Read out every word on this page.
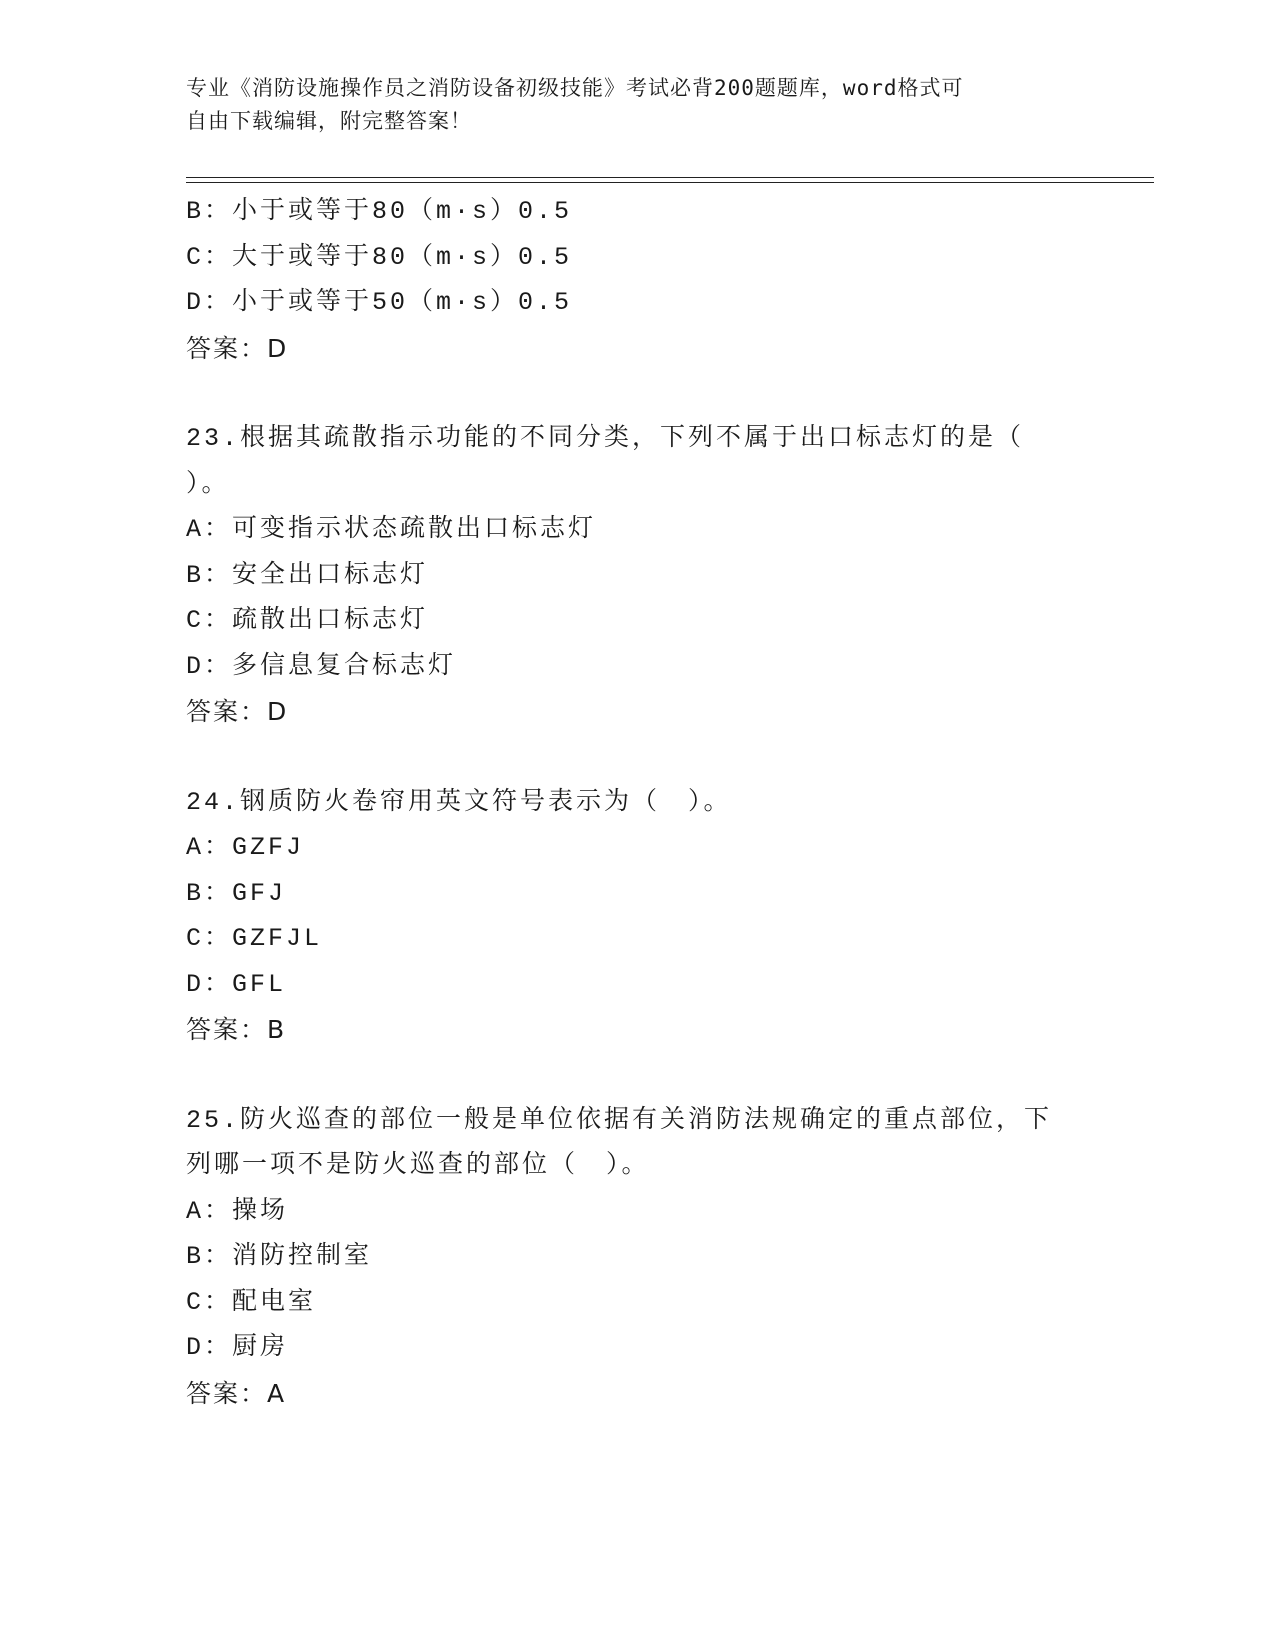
专业《消防设施操作员之消防设备初级技能》考试必背200题题库，word格式可
自由下载编辑，附完整答案！
B：小于或等于80（m·s）0.5
C：大于或等于80（m·s）0.5
D：小于或等于50（m·s）0.5
答案：D
23.根据其疏散指示功能的不同分类，下列不属于出口标志灯的是（　　）。
A：可变指示状态疏散出口标志灯
B：安全出口标志灯
C：疏散出口标志灯
D：多信息复合标志灯
答案：D
24.钢质防火卷帘用英文符号表示为（　）。
A：GZFJ
B：GFJ
C：GZFJL
D：GFL
答案：B
25.防火巡查的部位一般是单位依据有关消防法规确定的重点部位，下列哪一项不是防火巡查的部位（　）。
A：操场
B：消防控制室
C：配电室
D：厨房
答案：A
